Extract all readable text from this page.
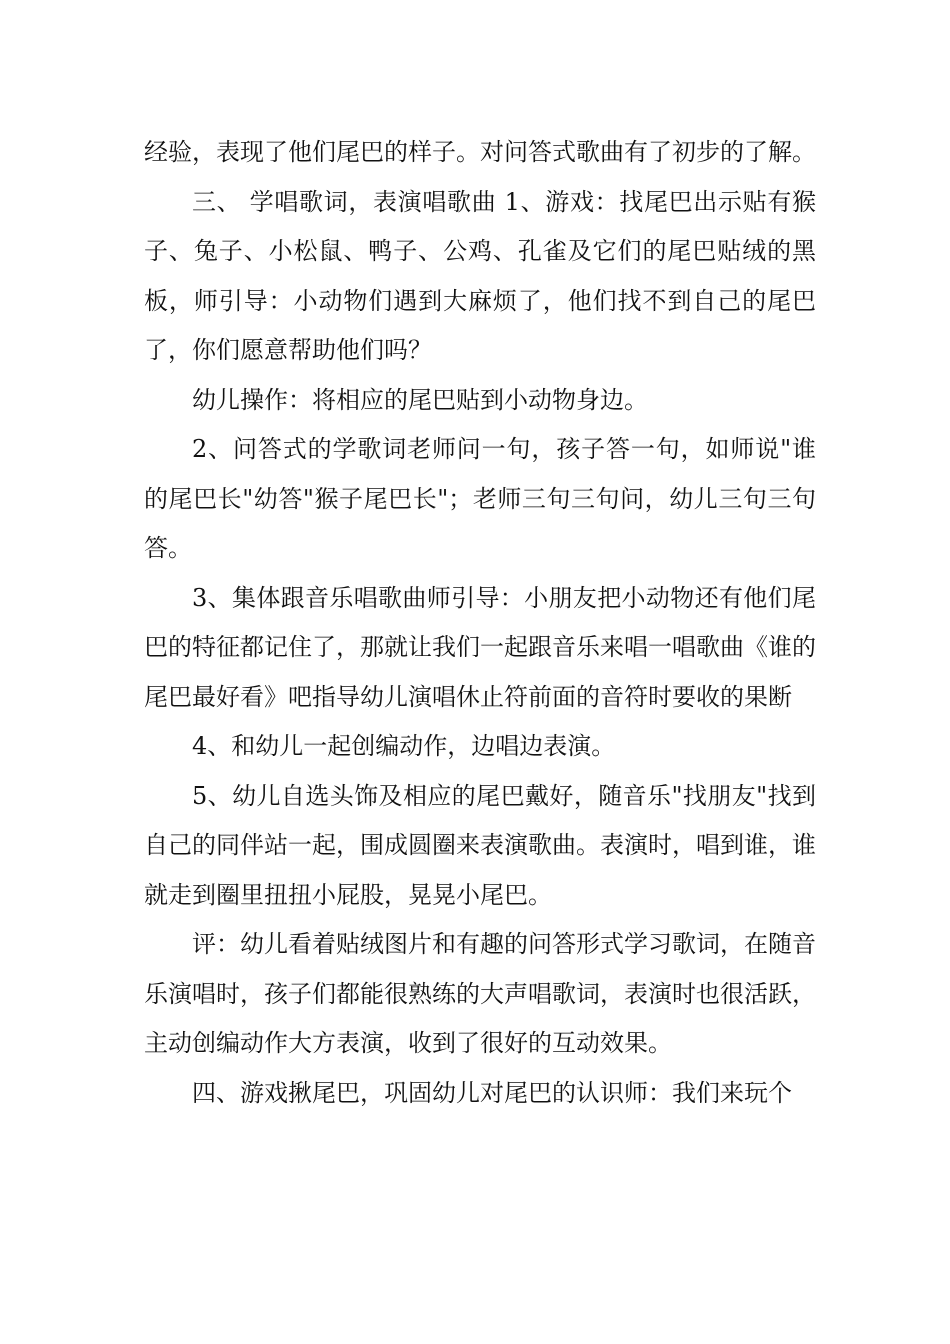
经验，表现了他们尾巴的样子。对问答式歌曲有了初步的了解。

三、 学唱歌词，表演唱歌曲 1、游戏：找尾巴出示贴有猴子、兔子、小松鼠、鸭子、公鸡、孔雀及它们的尾巴贴绒的黑板，师引导：小动物们遇到大麻烦了，他们找不到自己的尾巴了，你们愿意帮助他们吗？

幼儿操作：将相应的尾巴贴到小动物身边。

2、问答式的学歌词老师问一句，孩子答一句，如师说"谁的尾巴长"幼答"猴子尾巴长"；老师三句三句问，幼儿三句三句答。

3、集体跟音乐唱歌曲师引导：小朋友把小动物还有他们尾巴的特征都记住了，那就让我们一起跟音乐来唱一唱歌曲《谁的尾巴最好看》吧指导幼儿演唱休止符前面的音符时要收的果断

4、和幼儿一起创编动作，边唱边表演。

5、幼儿自选头饰及相应的尾巴戴好，随音乐"找朋友"找到自己的同伴站一起，围成圆圈来表演歌曲。表演时，唱到谁，谁就走到圈里扭扭小屁股，晃晃小尾巴。

评：幼儿看着贴绒图片和有趣的问答形式学习歌词，在随音乐演唱时，孩子们都能很熟练的大声唱歌词，表演时也很活跃，主动创编动作大方表演，收到了很好的互动效果。

四、游戏揪尾巴，巩固幼儿对尾巴的认识师：我们来玩个
